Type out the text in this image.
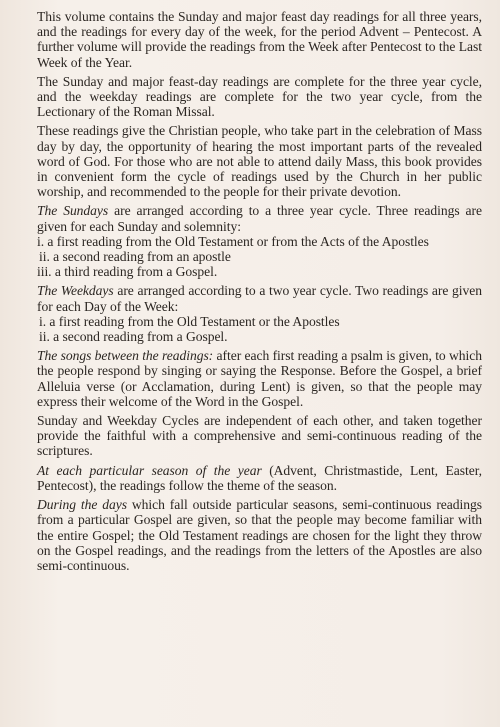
This volume contains the Sunday and major feast day readings for all three years, and the readings for every day of the week, for the period Advent – Pentecost. A further volume will provide the readings from the Week after Pentecost to the Last Week of the Year.

The Sunday and major feast-day readings are complete for the three year cycle, and the weekday readings are complete for the two year cycle, from the Lectionary of the Roman Missal.

These readings give the Christian people, who take part in the celebration of Mass day by day, the opportunity of hearing the most important parts of the revealed word of God. For those who are not able to attend daily Mass, this book provides in convenient form the cycle of readings used by the Church in her public worship, and recommended to the people for their private devotion.

The Sundays are arranged according to a three year cycle. Three readings are given for each Sunday and solemnity:
i. a first reading from the Old Testament or from the Acts of the Apostles
ii. a second reading from an apostle
iii. a third reading from a Gospel.
The Weekdays are arranged according to a two year cycle. Two readings are given for each Day of the Week:
i. a first reading from the Old Testament or the Apostles
ii. a second reading from a Gospel.

The songs between the readings: after each first reading a psalm is given, to which the people respond by singing or saying the Response. Before the Gospel, a brief Alleluia verse (or Acclamation, during Lent) is given, so that the people may express their welcome of the Word in the Gospel.

Sunday and Weekday Cycles are independent of each other, and taken together provide the faithful with a comprehensive and semi-continuous reading of the scriptures.

At each particular season of the year (Advent, Christmastide, Lent, Easter, Pentecost), the readings follow the theme of the season.

During the days which fall outside particular seasons, semi-continuous readings from a particular Gospel are given, so that the people may become familiar with the entire Gospel; the Old Testament readings are chosen for the light they throw on the Gospel readings, and the readings from the letters of the Apostles are also semi-continuous.
